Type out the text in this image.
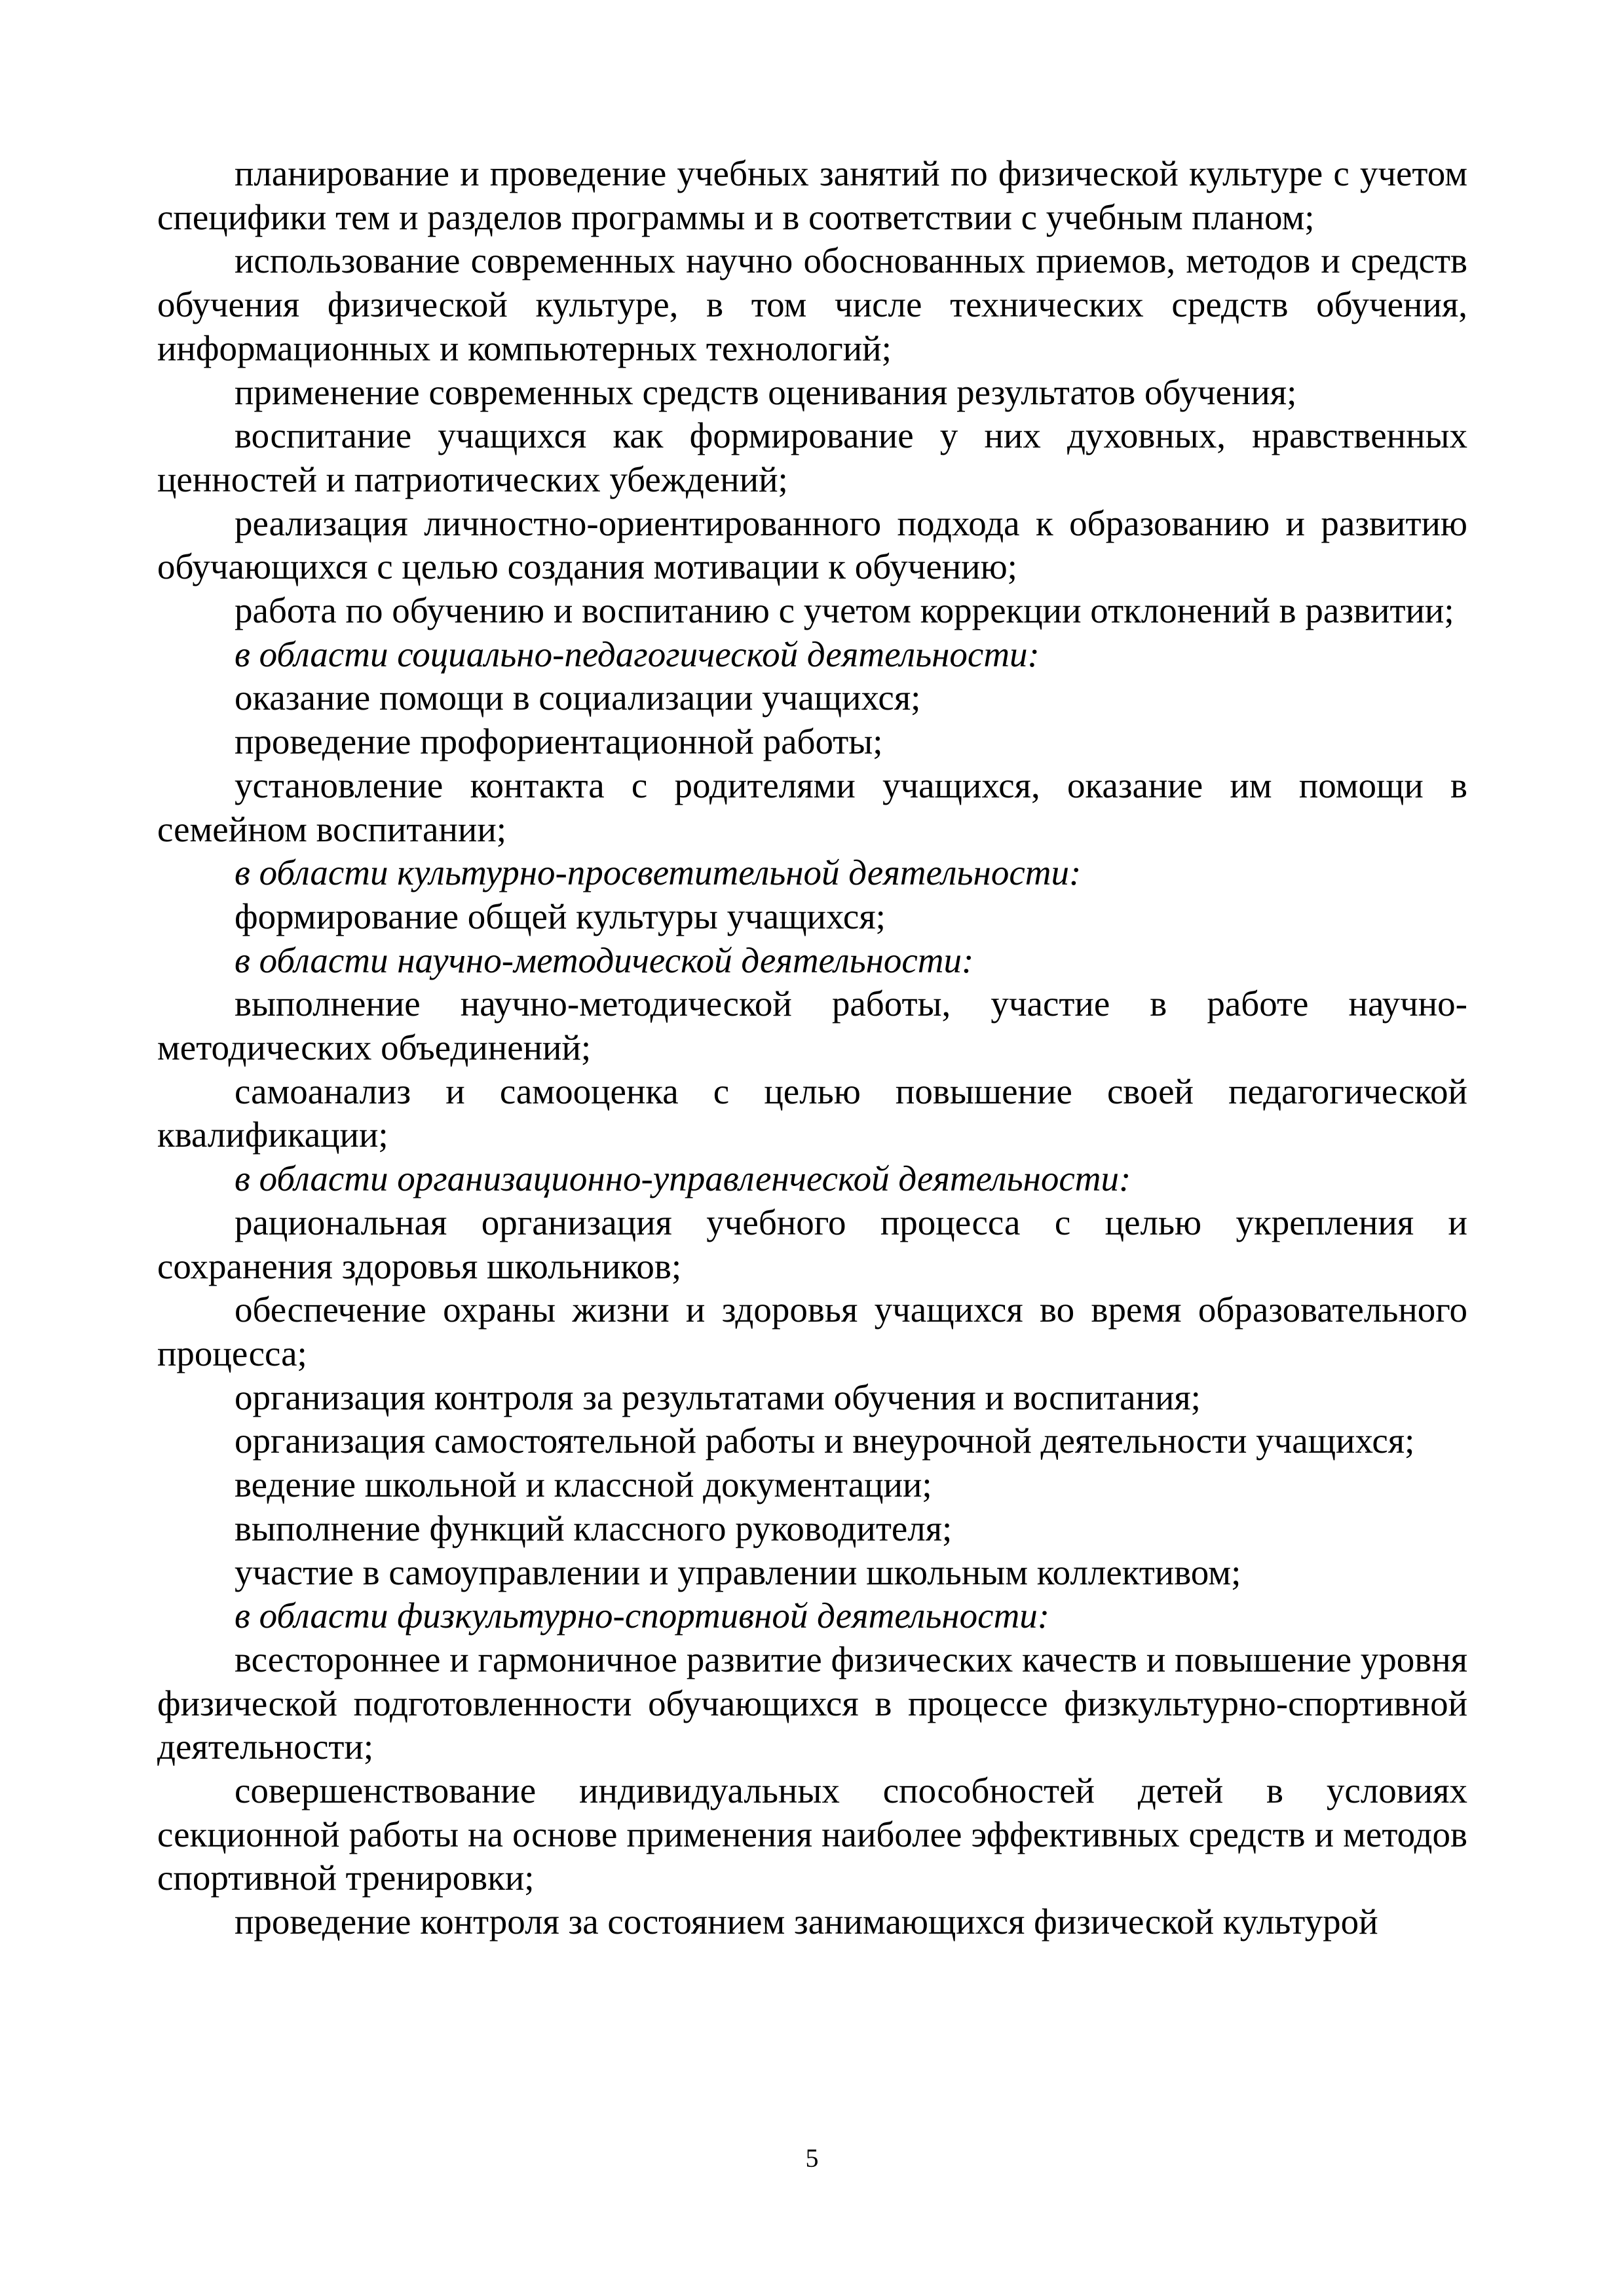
планирование и проведение учебных занятий по физической культуре с учетом специфики тем и разделов программы и в соответствии с учебным планом;

использование современных научно обоснованных приемов, методов и средств обучения физической культуре, в том числе технических средств обучения, информационных и компьютерных технологий;

применение современных средств оценивания результатов обучения;

воспитание учащихся как формирование у них духовных, нравственных ценностей и патриотических убеждений;

реализация личностно-ориентированного подхода к образованию и развитию обучающихся с целью создания мотивации к обучению;

работа по обучению и воспитанию с учетом коррекции отклонений в развитии;

в области социально-педагогической деятельности:

оказание помощи в социализации учащихся;

проведение профориентационной работы;

установление контакта с родителями учащихся, оказание им помощи в семейном воспитании;

в области культурно-просветительной деятельности:

формирование общей культуры учащихся;

в области научно-методической деятельности:

выполнение научно-методической работы, участие в работе научно-методических объединений;

самоанализ и самооценка с целью повышение своей педагогической квалификации;

в области организационно-управленческой деятельности:

рациональная организация учебного процесса с целью укрепления и сохранения здоровья школьников;

обеспечение охраны жизни и здоровья учащихся во время образовательного процесса;

организация контроля за результатами обучения и воспитания;

организация самостоятельной работы и внеурочной деятельности учащихся;

ведение школьной и классной документации;

выполнение функций классного руководителя;

участие в самоуправлении и управлении школьным коллективом;

в области физкультурно-спортивной деятельности:

всестороннее и гармоничное развитие физических качеств и повышение уровня физической подготовленности обучающихся в процессе физкультурно-спортивной деятельности;

совершенствование индивидуальных способностей детей в условиях секционной работы на основе применения наиболее эффективных средств и методов спортивной тренировки;

проведение контроля за состоянием занимающихся физической культурой

5
